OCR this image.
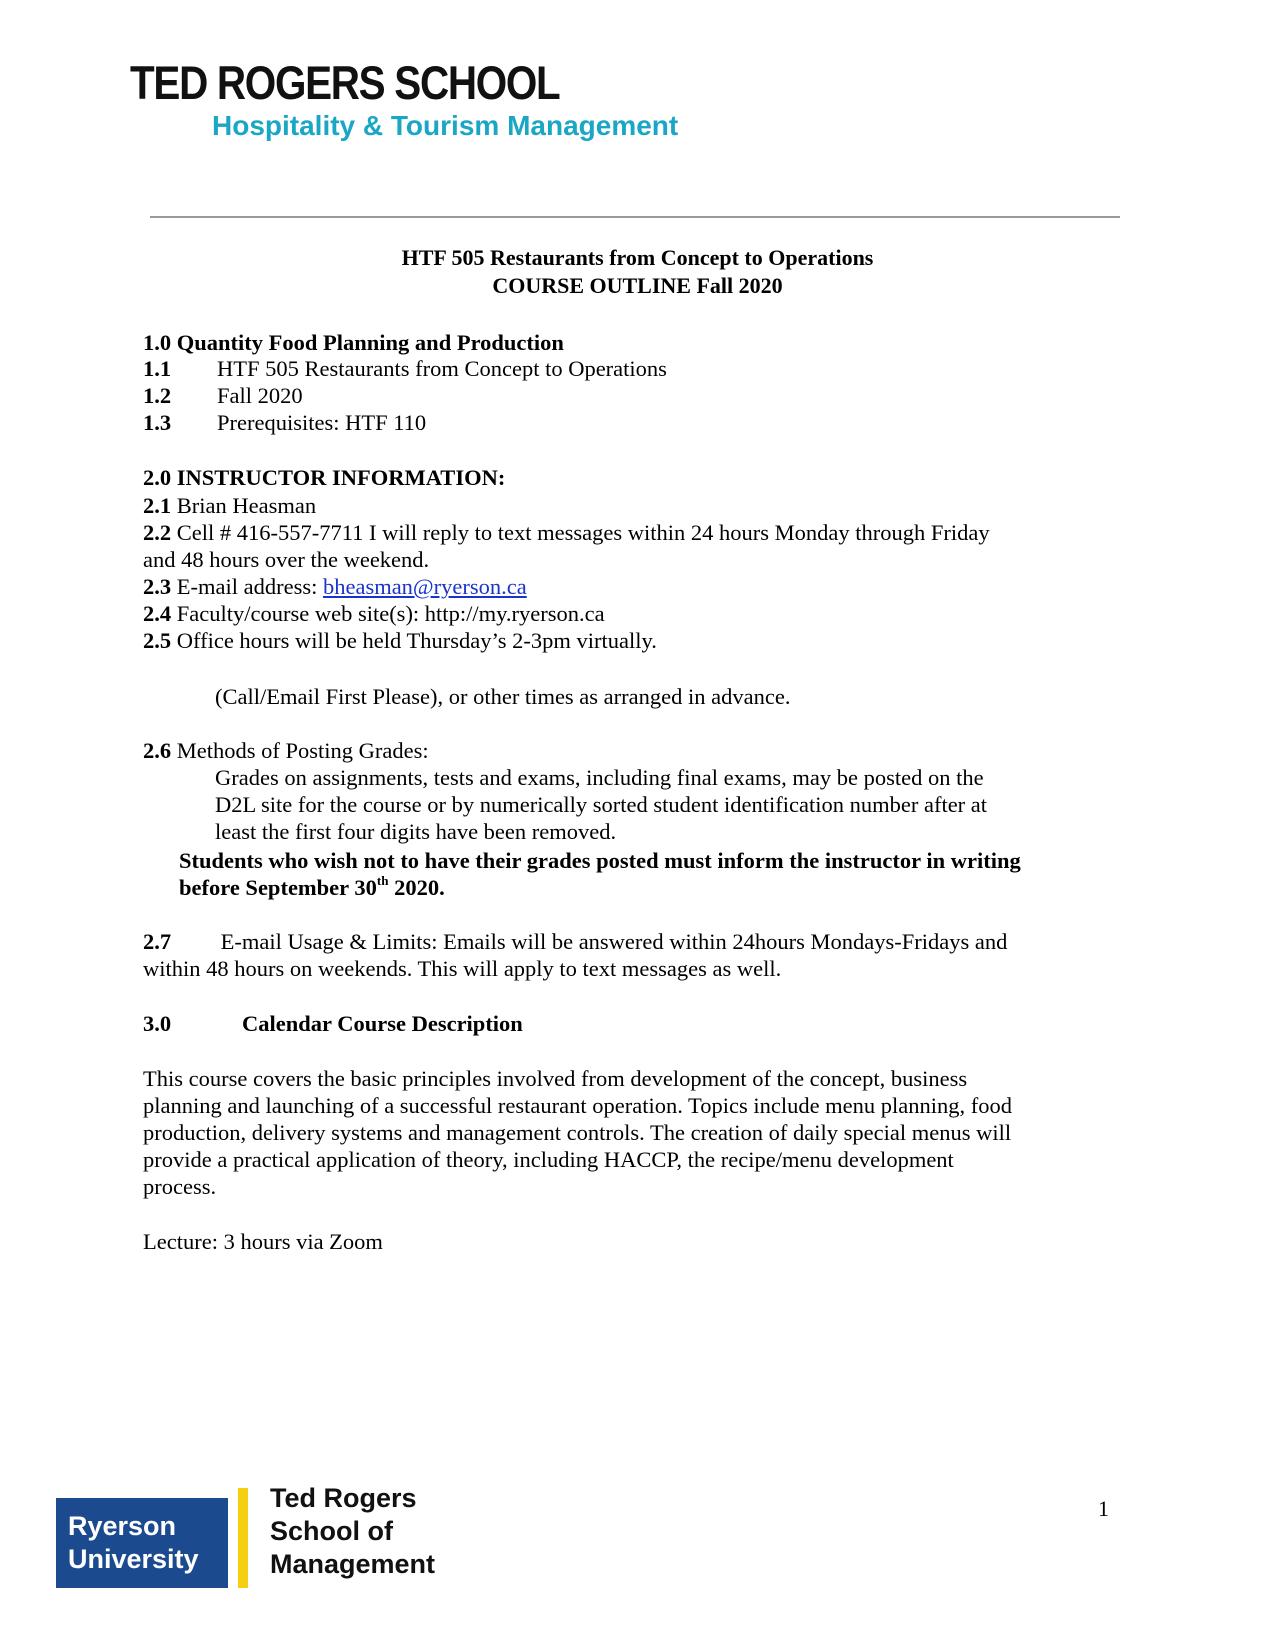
TED ROGERS SCHOOL
Hospitality & Tourism Management
HTF 505 Restaurants from Concept to Operations
COURSE OUTLINE Fall 2020
1.0 Quantity Food Planning and Production
1.1 HTF 505 Restaurants from Concept to Operations
1.2 Fall 2020
1.3 Prerequisites: HTF 110
2.0 INSTRUCTOR INFORMATION:
2.1 Brian Heasman
2.2 Cell # 416-557-7711 I will reply to text messages within 24 hours Monday through Friday
and 48 hours over the weekend.
2.3 E-mail address: bheasman@ryerson.ca
2.4 Faculty/course web site(s): http://my.ryerson.ca
2.5 Office hours will be held Thursday’s 2-3pm virtually.
(Call/Email First Please), or other times as arranged in advance.
2.6 Methods of Posting Grades:
Grades on assignments, tests and exams, including final exams, may be posted on the
D2L site for the course or by numerically sorted student identification number after at
least the first four digits have been removed.
Students who wish not to have their grades posted must inform the instructor in writing
before September 30th 2020.
2.7 E-mail Usage & Limits: Emails will be answered within 24hours Mondays-Fridays and
within 48 hours on weekends. This will apply to text messages as well.
3.0	Calendar Course Description
This course covers the basic principles involved from development of the concept, business
planning and launching of a successful restaurant operation. Topics include menu planning, food
production, delivery systems and management controls. The creation of daily special menus will
provide a practical application of theory, including HACCP, the recipe/menu development
process.
Lecture: 3 hours via Zoom
Ryerson
University
Ted Rogers
School of
Management
1
